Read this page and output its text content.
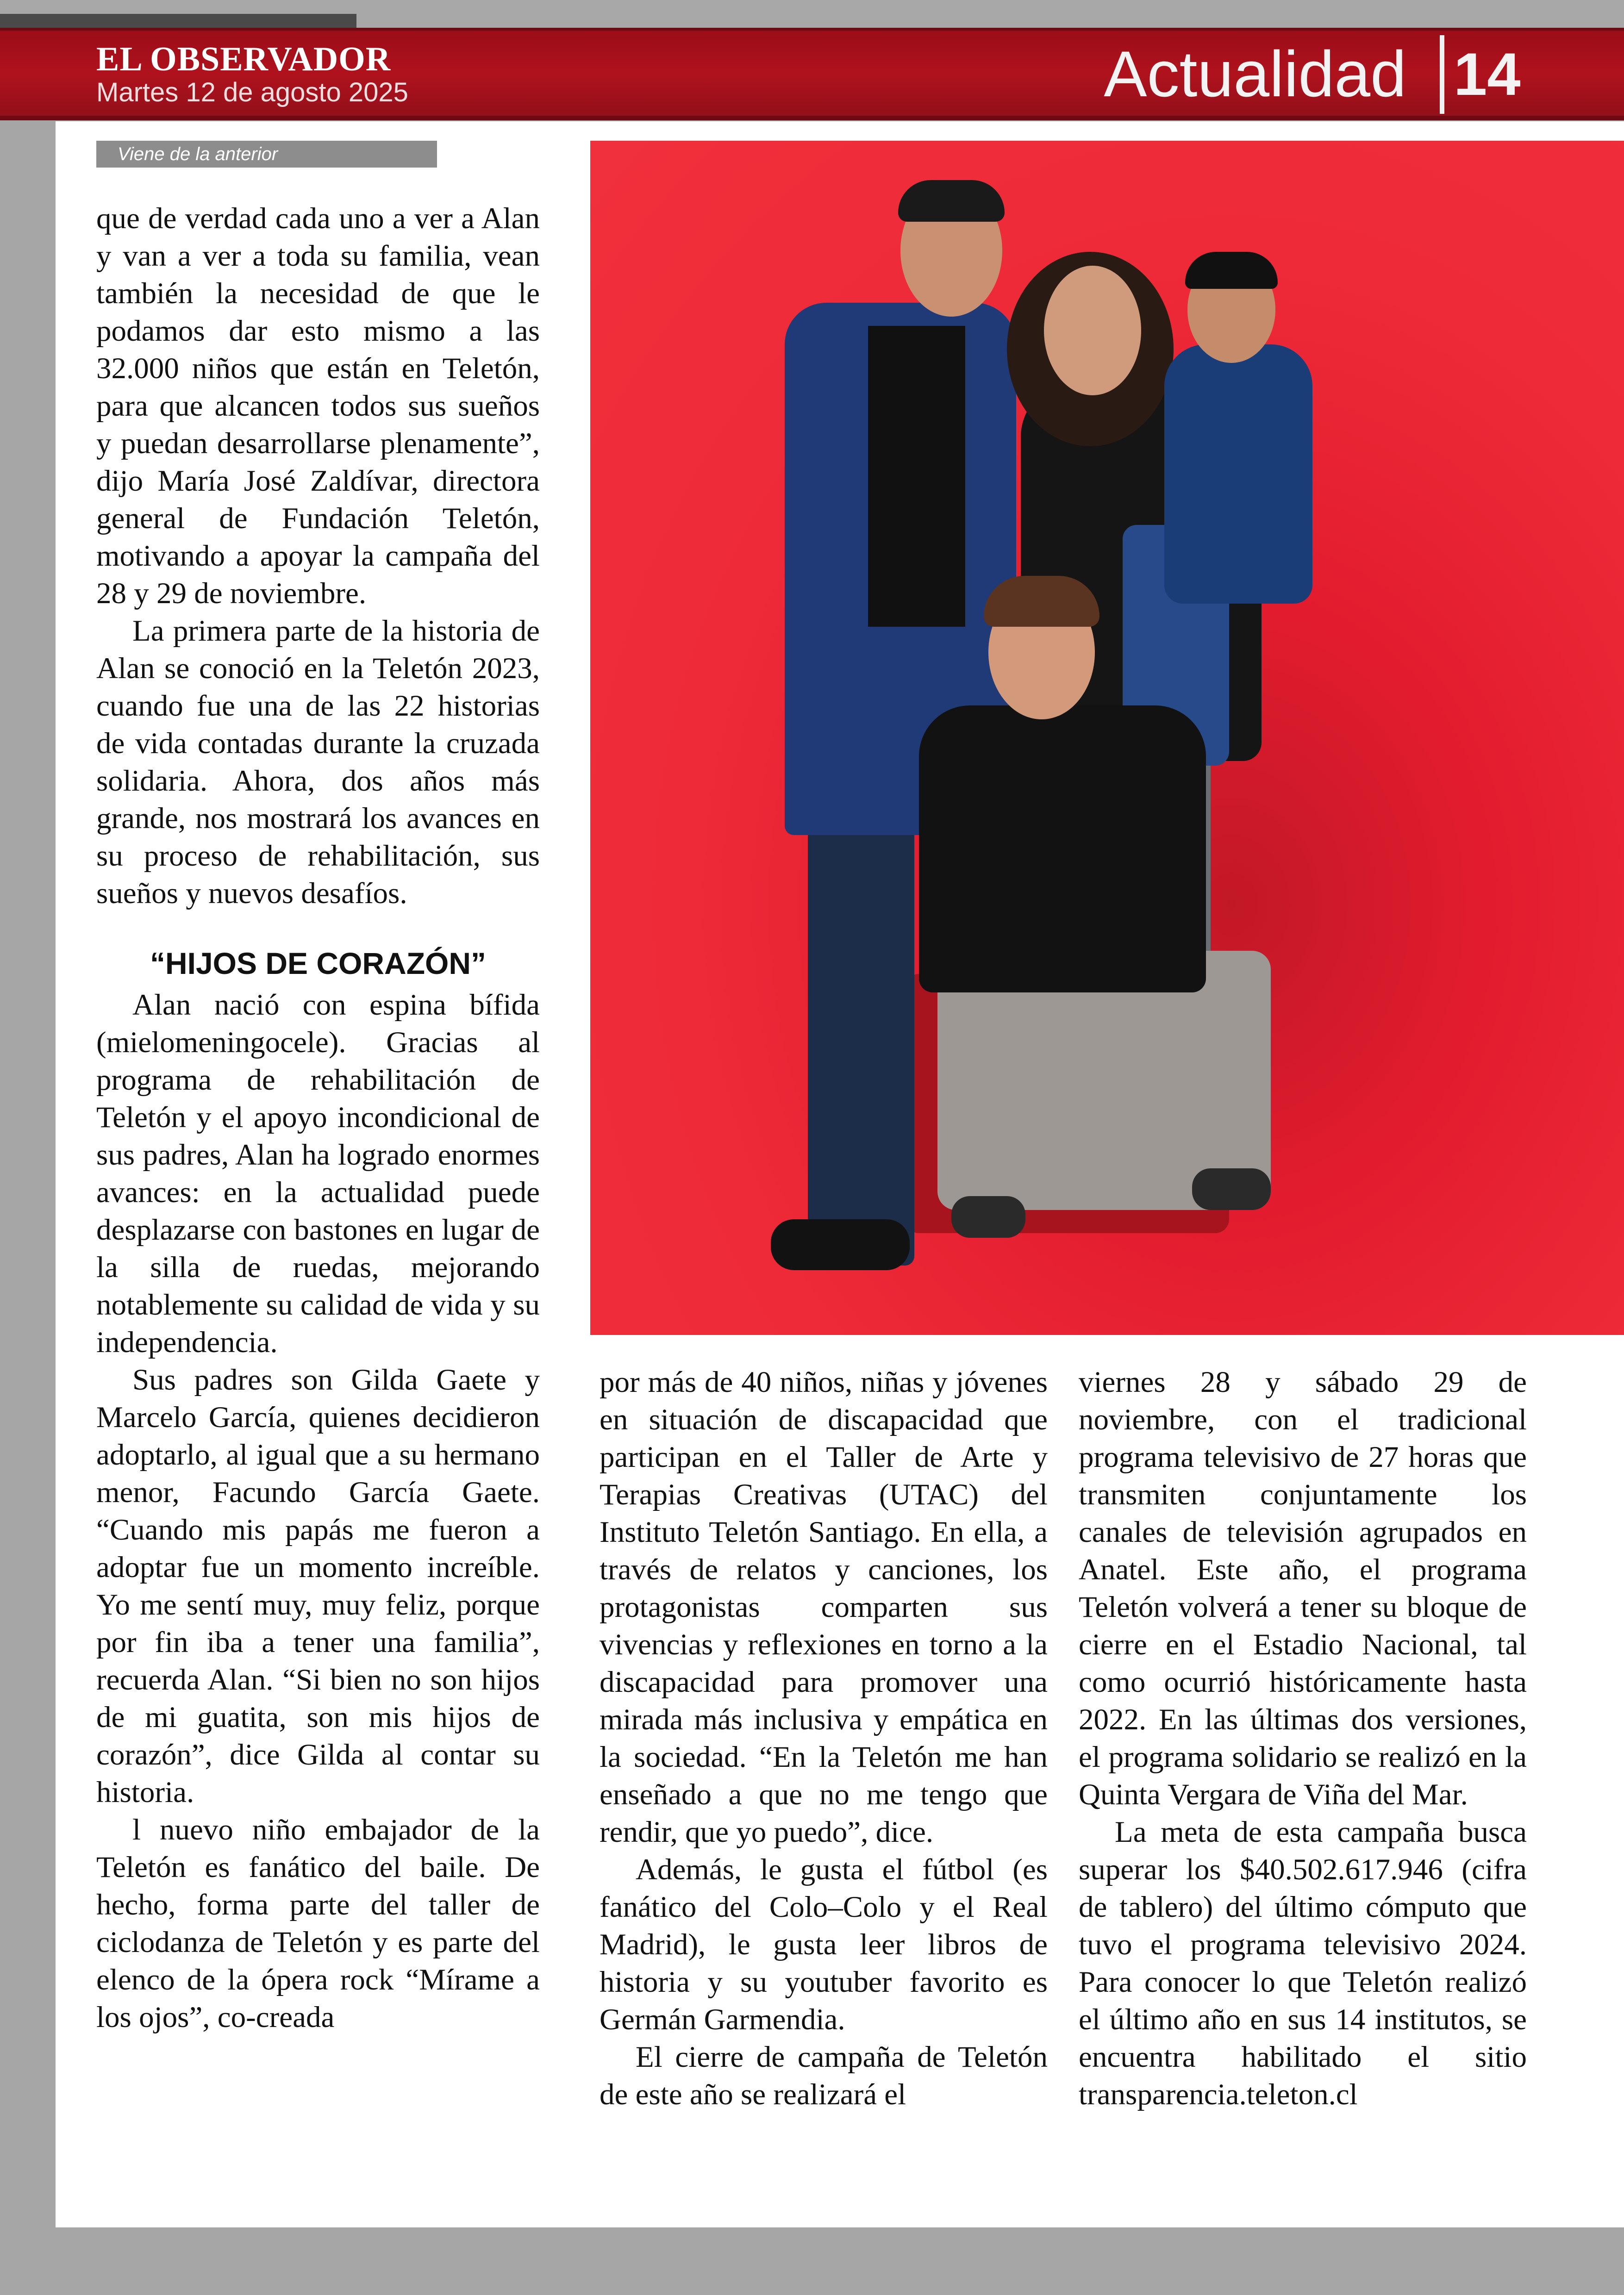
EL OBSERVADOR
Martes 12 de agosto 2025	Actualidad 14
Viene de la anterior

que de verdad cada uno a ver a Alan y van a ver a toda su familia, vean también la necesidad de que le podamos dar esto mismo a las 32.000 niños que están en Teletón, para que alcancen todos sus sueños y puedan desarrollarse plenamente”, dijo María José Zaldívar, directora general de Fundación Teletón, motivando a apoyar la campaña del 28 y 29 de noviembre.

La primera parte de la historia de Alan se conoció en la Teletón 2023, cuando fue una de las 22 historias de vida contadas durante la cruzada solidaria. Ahora, dos años más grande, nos mostrará los avances en su proceso de rehabilitación, sus sueños y nuevos desafíos.

“HIJOS DE CORAZÓN”

Alan nació con espina bífida (mielomeningocele). Gracias al programa de rehabilitación de Teletón y el apoyo incondicional de sus padres, Alan ha logrado enormes avances: en la actualidad puede desplazarse con bastones en lugar de la silla de ruedas, mejorando notablemente su calidad de vida y su independencia.

Sus padres son Gilda Gaete y Marcelo García, quienes decidieron adoptarlo, al igual que a su hermano menor, Facundo García Gaete. “Cuando mis papás me fueron a adoptar fue un momento increíble. Yo me sentí muy, muy feliz, porque por fin iba a tener una familia”, recuerda Alan. “Si bien no son hijos de mi guatita, son mis hijos de corazón”, dice Gilda al contar su historia.

l nuevo niño embajador de la Teletón es fanático del baile. De hecho, forma parte del taller de ciclodanza de Teletón y es parte del elenco de la ópera rock “Mírame a los ojos”, co-creada

por más de 40 niños, niñas y jóvenes en situación de discapacidad que participan en el Taller de Arte y Terapias Creativas (UTAC) del Instituto Teletón Santiago. En ella, a través de relatos y canciones, los protagonistas comparten sus vivencias y reflexiones en torno a la discapacidad para promover una mirada más inclusiva y empática en la sociedad. “En la Teletón me han enseñado a que no me tengo que rendir, que yo puedo”, dice.

Además, le gusta el fútbol (es fanático del Colo–Colo y el Real Madrid), le gusta leer libros de historia y su youtuber favorito es Germán Garmendia.

El cierre de campaña de Teletón de este año se realizará el

viernes 28 y sábado 29 de noviembre, con el tradicional programa televisivo de 27 horas que transmiten conjuntamente los canales de televisión agrupados en Anatel. Este año, el programa Teletón volverá a tener su bloque de cierre en el Estadio Nacional, tal como ocurrió históricamente hasta 2022. En las últimas dos versiones, el programa solidario se realizó en la Quinta Vergara de Viña del Mar.

La meta de esta campaña busca superar los $40.502.617.946 (cifra de tablero) del último cómputo que tuvo el programa televisivo 2024. Para conocer lo que Teletón realizó el último año en sus 14 institutos, se encuentra habilitado el sitio transparencia.teleton.cl
